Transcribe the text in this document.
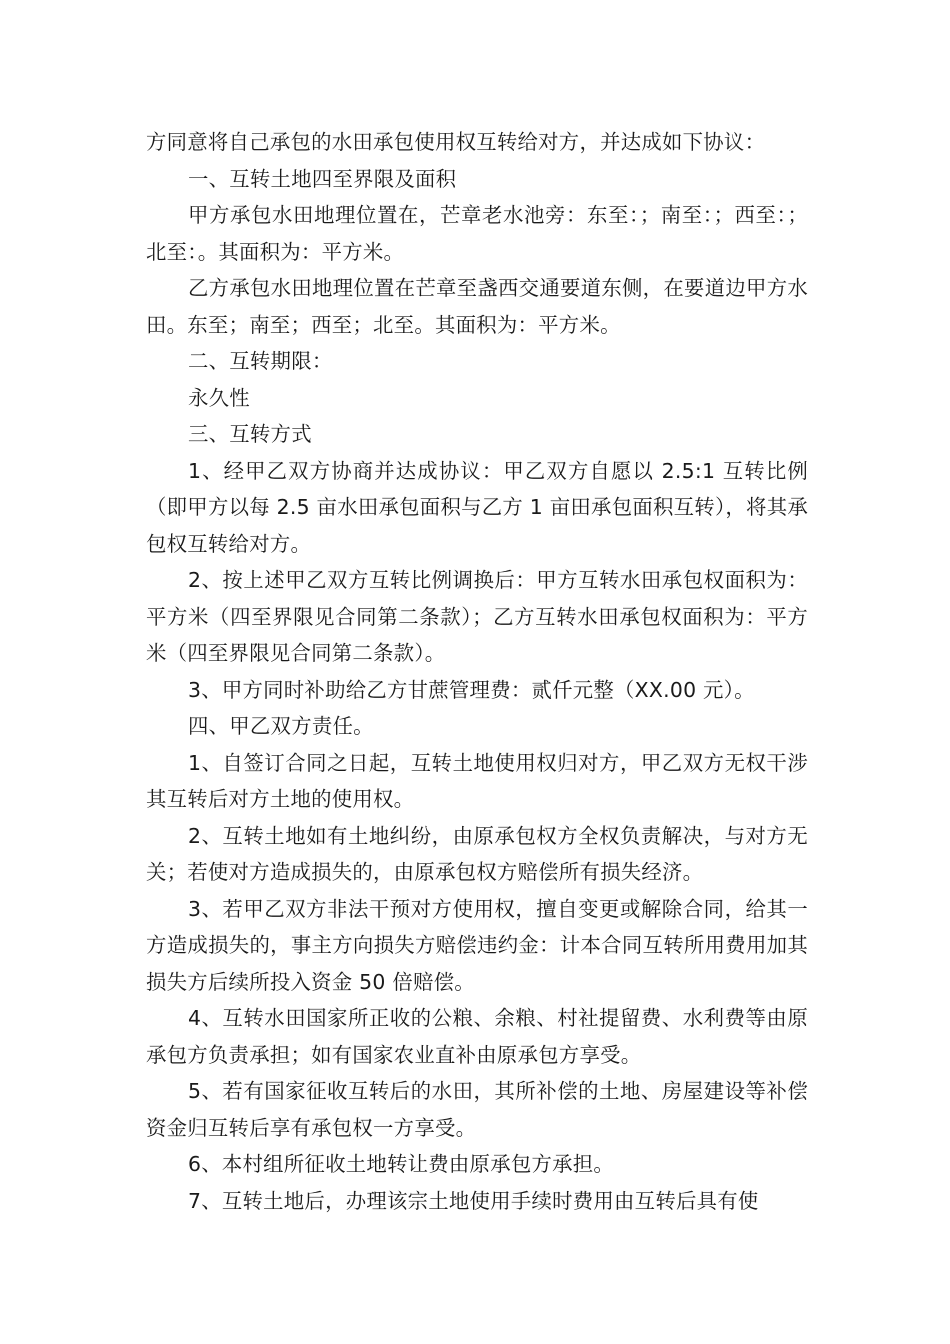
方同意将自己承包的水田承包使用权互转给对方，并达成如下协议：

一、互转土地四至界限及面积

甲方承包水田地理位置在，芒章老水池旁：东至：；南至：；西至：；北至：。其面积为：平方米。

乙方承包水田地理位置在芒章至盏西交通要道东侧，在要道边甲方水田。东至；南至；西至；北至。其面积为：平方米。

二、互转期限：

永久性

三、互转方式

1、经甲乙双方协商并达成协议：甲乙双方自愿以 2.5:1 互转比例（即甲方以每 2.5 亩水田承包面积与乙方 1 亩田承包面积互转），将其承包权互转给对方。

2、按上述甲乙双方互转比例调换后：甲方互转水田承包权面积为：平方米（四至界限见合同第二条款）；乙方互转水田承包权面积为：平方米（四至界限见合同第二条款）。

3、甲方同时补助给乙方甘蔗管理费：贰仟元整（XX.00 元）。

四、甲乙双方责任。

1、自签订合同之日起，互转土地使用权归对方，甲乙双方无权干涉其互转后对方土地的使用权。

2、互转土地如有土地纠纷，由原承包权方全权负责解决，与对方无关；若使对方造成损失的，由原承包权方赔偿所有损失经济。

3、若甲乙双方非法干预对方使用权，擅自变更或解除合同，给其一方造成损失的，事主方向损失方赔偿违约金：计本合同互转所用费用加其损失方后续所投入资金 50 倍赔偿。

4、互转水田国家所正收的公粮、余粮、村社提留费、水利费等由原承包方负责承担；如有国家农业直补由原承包方享受。

5、若有国家征收互转后的水田，其所补偿的土地、房屋建设等补偿资金归互转后享有承包权一方享受。

6、本村组所征收土地转让费由原承包方承担。

7、互转土地后，办理该宗土地使用手续时费用由互转后具有使
